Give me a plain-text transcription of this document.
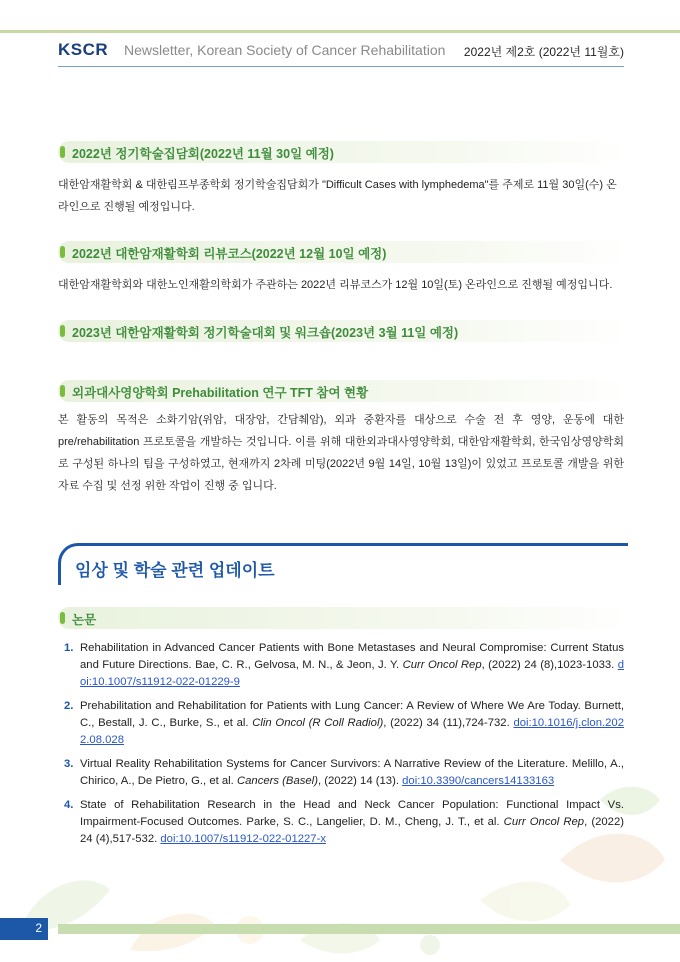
KSCR Newsletter, Korean Society of Cancer Rehabilitation 2022년 제2호 (2022년 11월호)
2022년 정기학술집담회(2022년 11월 30일 예정)
대한암재활학회 & 대한림프부종학회 정기학술집담회가 "Difficult Cases with lymphedema"를 주제로 11월 30일(수) 온라인으로 진행될 예정입니다.
2022년 대한암재활학회 리뷰코스(2022년 12월 10일 예정)
대한암재활학회와 대한노인재활의학회가 주관하는 2022년 리뷰코스가 12월 10일(토) 온라인으로 진행될 예정입니다.
2023년 대한암재활학회 정기학술대회 및 워크숍(2023년 3월 11일 예정)
외과대사영양학회 Prehabilitation 연구 TFT 참여 현황
본 활동의 목적은 소화기암(위암, 대장암, 간담췌암), 외과 중환자를 대상으로 수술 전 후 영양, 운동에 대한 pre/rehabilitation 프로토콜을 개발하는 것입니다. 이를 위해 대한외과대사영양학회, 대한암재활학회, 한국임상영양학회로 구성된 하나의 팀을 구성하였고, 현재까지 2차례 미팅(2022년 9월 14일, 10월 13일)이 있었고 프로토콜 개발을 위한 자료 수집 및 선정 위한 작업이 진행 중 입니다.
임상 및 학술 관련 업데이트
논문
1. Rehabilitation in Advanced Cancer Patients with Bone Metastases and Neural Compromise: Current Status and Future Directions. Bae, C. R., Gelvosa, M. N., & Jeon, J. Y. Curr Oncol Rep, (2022) 24 (8),1023-1033. doi:10.1007/s11912-022-01229-9
2. Prehabilitation and Rehabilitation for Patients with Lung Cancer: A Review of Where We Are Today. Burnett, C., Bestall, J. C., Burke, S., et al. Clin Oncol (R Coll Radiol), (2022) 34 (11),724-732. doi:10.1016/j.clon.2022.08.028
3. Virtual Reality Rehabilitation Systems for Cancer Survivors: A Narrative Review of the Literature. Melillo, A., Chirico, A., De Pietro, G., et al. Cancers (Basel), (2022) 14 (13). doi:10.3390/cancers14133163
4. State of Rehabilitation Research in the Head and Neck Cancer Population: Functional Impact Vs. Impairment-Focused Outcomes. Parke, S. C., Langelier, D. M., Cheng, J. T., et al. Curr Oncol Rep, (2022) 24 (4),517-532. doi:10.1007/s11912-022-01227-x
2
